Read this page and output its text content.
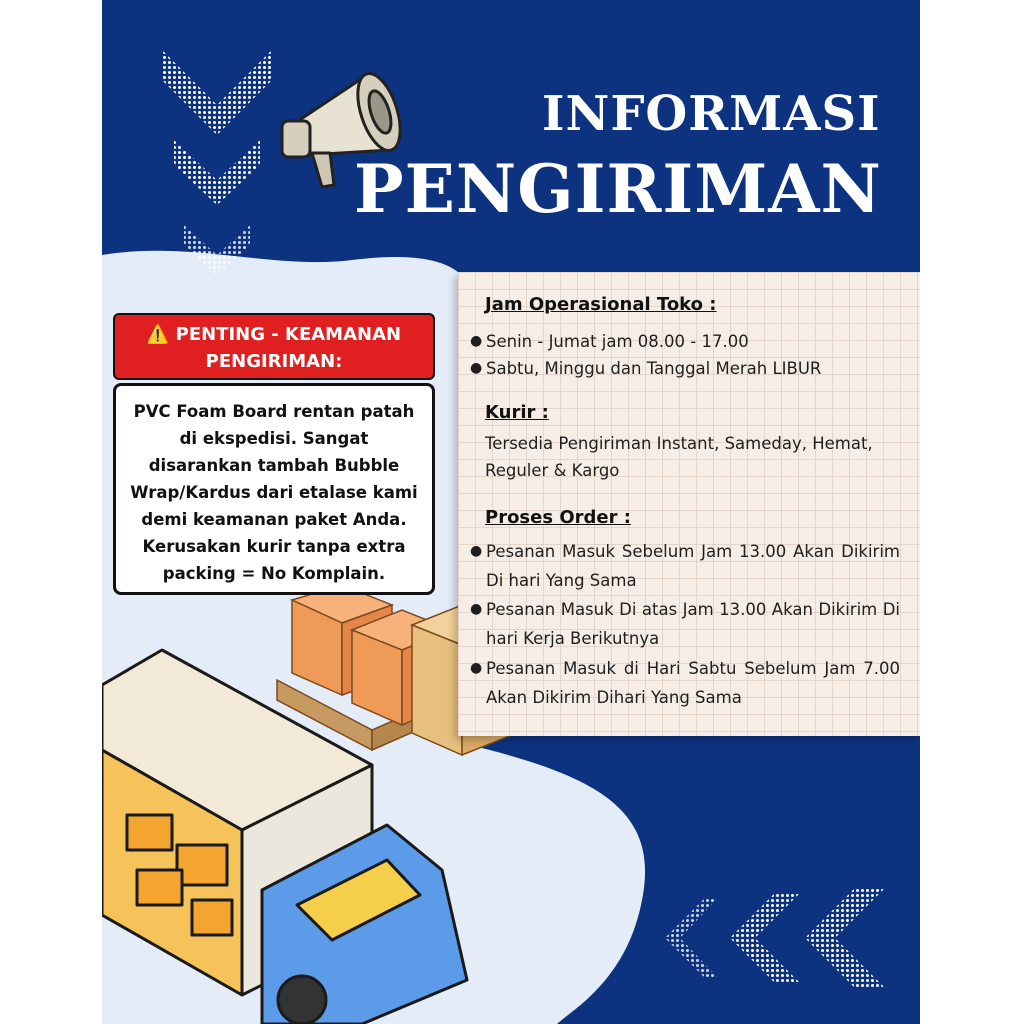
INFORMASI
PENGIRIMAN
⚠️ PENTING - KEAMANAN
PENGIRIMAN:
PVC Foam Board rentan patah di ekspedisi. Sangat disarankan tambah Bubble Wrap/Kardus dari etalase kami demi keamanan paket Anda. Kerusakan kurir tanpa extra packing = No Komplain.
Jam Operasional Toko :
● Senin - Jumat jam 08.00 - 17.00
● Sabtu, Minggu dan Tanggal Merah LIBUR
Kurir :
Tersedia Pengiriman Instant, Sameday, Hemat, Reguler & Kargo
Proses Order :
● Pesanan Masuk Sebelum Jam 13.00 Akan Dikirim Di hari Yang Sama
● Pesanan Masuk Di atas Jam 13.00 Akan Dikirim Di hari Kerja Berikutnya
● Pesanan Masuk di Hari Sabtu Sebelum Jam 7.00 Akan Dikirim Dihari Yang Sama
